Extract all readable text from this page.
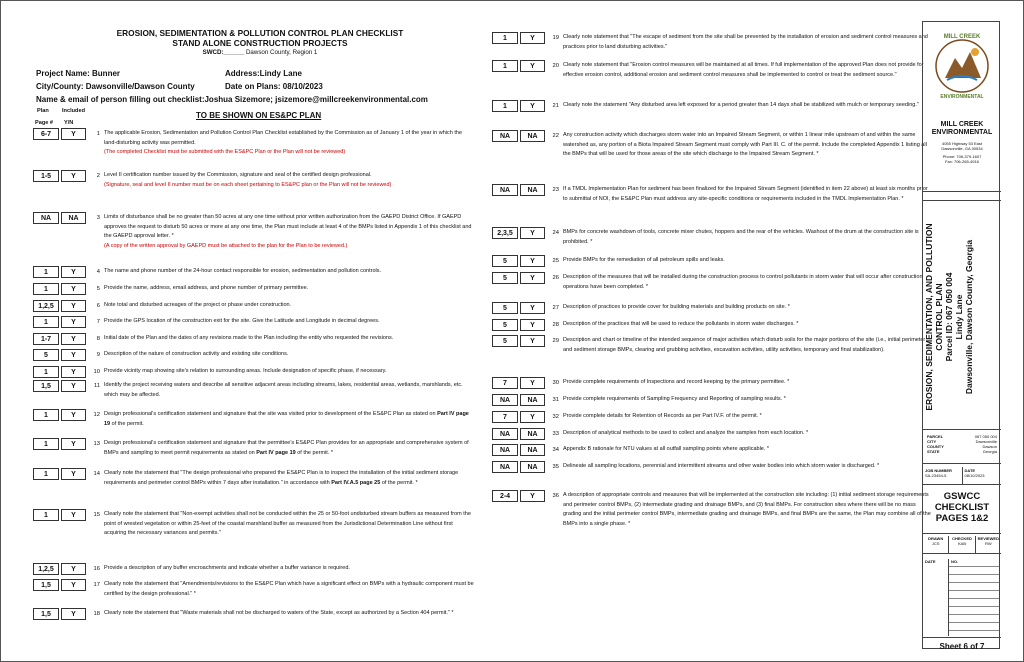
EROSION, SEDIMENTATION & POLLUTION CONTROL PLAN CHECKLIST
STAND ALONE CONSTRUCTION PROJECTS
SWCD:______ Dawson County, Region 1
Project Name: Bunner	Address:Lindy Lane
City/County: Dawsonville/Dawson County	Date on Plans: 08/10/2023
Name & email of person filling out checklist:Joshua Sizemore; jsizemore@millcreekenvironmental.com
Plan Included
Page # Y/N
TO BE SHOWN ON ES&PC PLAN
6-7	Y	1 The applicable Erosion, Sedimentation and Pollution Control Plan Checklist established by the Commission as of January 1 of the year in which the land-disturbing activity was permitted.
(The completed Checklist must be submitted with the ES&PC Plan or the Plan will not be reviewed)
1-5	Y	2 Level II certification number issued by the Commission, signature and seal of the certified design professional.
(Signature, seal and level II number must be on each sheet pertaining to ES&PC plan or the Plan will not be reviewed)
NA	NA	3 Limits of disturbance shall be no greater than 50 acres at any one time without prior written authorization from the GAEPD District Office. If GAEPD approves the request to disturb 50 acres or more at any one time, the Plan must include at least 4 of the BMPs listed in Appendix 1 of this checklist and the GAEPD approval letter. *
(A copy of the written approval by GAEPD must be attached to the plan for the Plan to be reviewed.)
1	Y	4 The name and phone number of the 24-hour contact responsible for erosion, sedimentation and pollution controls.
1	Y	5 Provide the name, address, email address, and phone number of primary permittee.
1,2,5	Y	6 Note total and disturbed acreages of the project or phase under construction.
1	Y	7 Provide the GPS location of the construction exit for the site. Give the Latitude and Longitude in decimal degrees.
1-7	Y	8 Initial date of the Plan and the dates of any revisions made to the Plan including the entity who requested the revisions.
5	Y	9 Description of the nature of construction activity and existing site conditions.
1	Y	10 Provide vicinity map showing site's relation to surrounding areas. Include designation of specific phase, if necessary.
1,5	Y	11 Identify the project receiving waters and describe all sensitive adjacent areas including streams, lakes, residential areas, wetlands, marshlands, etc. which may be affected.
1	Y	12 Design professional's certification statement and signature that the site was visited prior to development of the ES&PC Plan as stated on Part IV page 19 of the permit.
1	Y	13 Design professional's certification statement and signature that the permittee's ES&PC Plan provides for an appropriate and comprehensive system of BMPs and sampling to meet permit requirements as stated on Part IV page 19 of the permit. *
1	Y	14 Clearly note the statement that "The design professional who prepared the ES&PC Plan is to inspect the installation of the initial sediment storage requirements and perimeter control BMPs within 7 days after installation." in accordance with Part IV.A.5 page 25 of the permit. *
1	Y	15 Clearly note the statement that "Non-exempt activities shall not be conducted within the 25 or 50-foot undisturbed stream buffers as measured from the point of wrested vegetation or within 25-feet of the coastal marshland buffer as measured from the Jurisdictional Determination Line without first acquiring the necessary variances and permits."
1,2,5	Y	16 Provide a description of any buffer encroachments and indicate whether a buffer variance is required.
1,5	Y	17 Clearly note the statement that "Amendments/revisions to the ES&PC Plan which have a significant effect on BMPs with a hydraulic component must be certified by the design professional." *
1,5	Y	18 Clearly note the statement that "Waste materials shall not be discharged to waters of the State, except as authorized by a Section 404 permit." *
1	Y	19 Clearly note statement that "The escape of sediment from the site shall be prevented by the installation of erosion and sediment control measures and practices prior to land disturbing activities."
1	Y	20 Clearly note statement that "Erosion control measures will be maintained at all times. If full implementation of the approved Plan does not provide for effective erosion control, additional erosion and sediment control measures shall be implemented to control or treat the sediment source."
1	Y	21 Clearly note the statement "Any disturbed area left exposed for a period greater than 14 days shall be stabilized with mulch or temporary seeding."
NA	NA	22 Any construction activity which discharges storm water into an Impaired Stream Segment, or within 1 linear mile upstream of and within the same watershed as, any portion of a Biota Impaired Stream Segment must comply with Part III. C. of the permit. Include the completed Appendix 1 listing all the BMPs that will be used for those areas of the site which discharge to the Impaired Stream Segment. *
NA	NA	23 If a TMDL Implementation Plan for sediment has been finalized for the Impaired Stream Segment (identified in item 22 above) at least six months prior to submittal of NOI, the ES&PC Plan must address any site-specific conditions or requirements included in the TMDL Implementation Plan. *
2,3,5	Y	24 BMPs for concrete washdown of tools, concrete mixer chutes, hoppers and the rear of the vehicles. Washout of the drum at the construction site is prohibited. *
5	Y	25 Provide BMPs for the remediation of all petroleum spills and leaks.
5	Y	26 Description of the measures that will be installed during the construction process to control pollutants in storm water that will occur after construction operations have been completed. *
5	Y	27 Description of practices to provide cover for building materials and building products on site. *
5	Y	28 Description of the practices that will be used to reduce the pollutants in storm water discharges. *
5	Y	29 Description and chart or timeline of the intended sequence of major activities which disturb soils for the major portions of the site (i.e., initial perimeter and sediment storage BMPs, clearing and grubbing activities, excavation activities, utility activities, temporary and final stabilization).
7	Y	30 Provide complete requirements of Inspections and record keeping by the primary permittee. *
NA	NA	31 Provide complete requirements of Sampling Frequency and Reporting of sampling results. *
7	Y	32 Provide complete details for Retention of Records as per Part IV.F. of the permit. *
NA	NA	33 Description of analytical methods to be used to collect and analyze the samples from each location. *
NA	NA	34 Appendix B rationale for NTU values at all outfall sampling points where applicable. *
NA	NA	35 Delineate all sampling locations, perennial and intermittent streams and other water bodies into which storm water is discharged. *
2-4	Y	36 A description of appropriate controls and measures that will be implemented at the construction site including: (1) initial sediment storage requirements and perimeter control BMPs, (2) intermediate grading and drainage BMPs, and (3) final BMPs. For construction sites where there will be no mass grading and the initial perimeter control BMPs, intermediate grading and drainage BMPs, and final BMPs are the same, the Plan may combine all of the BMPs into a single phase. *
MILL CREEK
ENVIRONMENTAL
MILL CREEK ENVIRONMENTAL
4055 Highway 53 East Dawsonville, GA 30534
Phone: 706-379-1607
Fax: 706-265-4916
EROSION, SEDIMENTATION, AND POLLUTION CONTROL PLAN Parcel ID: 067 050 004 Lindy Lane Dawsonville, Dawson County, Georgia
PARCEL	067 050 004
CITY	Dawsonville
COUNTY	Dawson
STATE	Georgia
JOB NUMBER
SA-23454-5
DATE
08/10/2023
GSWCC CHECKLIST PAGES 1&2
DRAWN
JCS
CHECKED
KAB
REVIEWED
RW
DATE	NO.
Sheet 6 of 7
